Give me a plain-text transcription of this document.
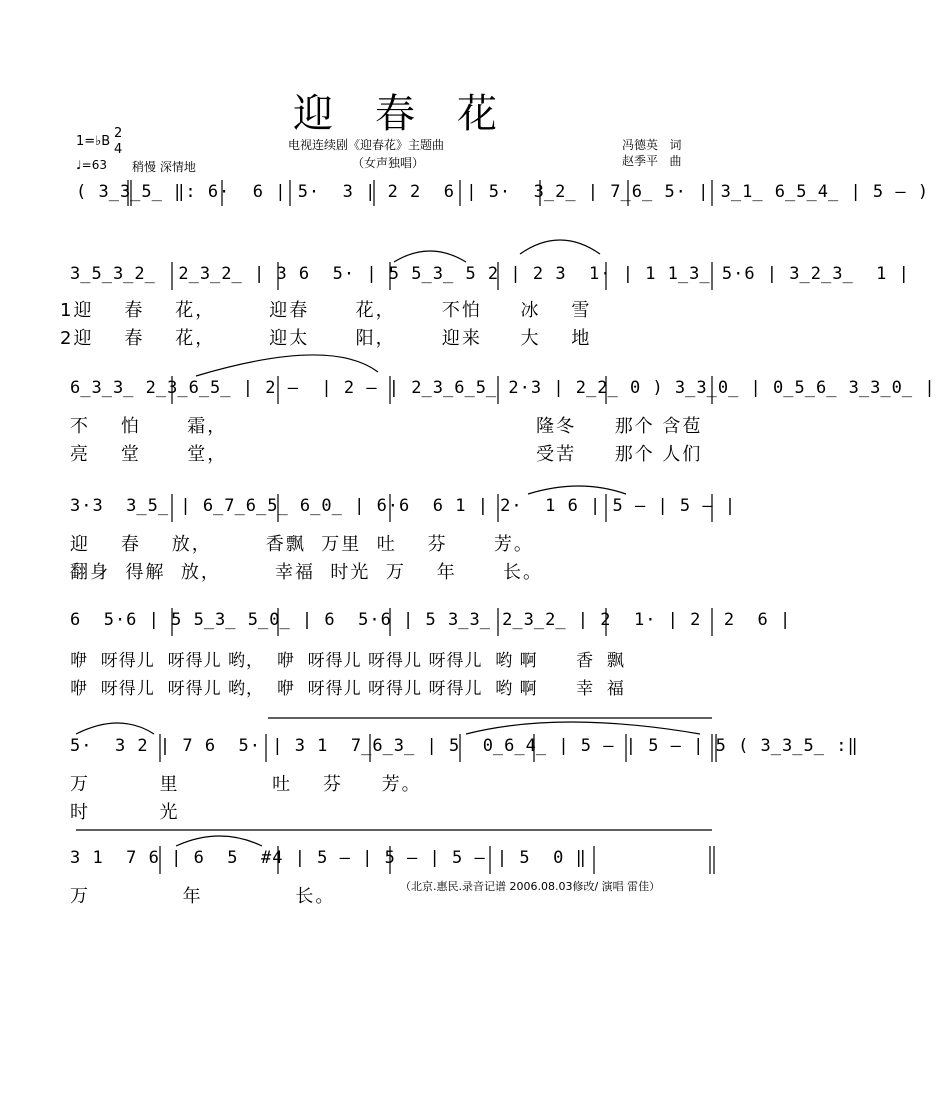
迎春花
电视连续剧《迎春花》主题曲
（女声独唱）
1=♭B
2
4
♩=63 稍慢 深情地
冯德英   词
赵季平   曲
( 3̲3̲5̲ ‖: 6·  6 | 5·  3 | 2 2  6 | 5·  3̲2̲ | 7̲6̲ 5· | 3̲1̲ 6̲5̲4̲ | 5 – )
3̲5̲3̲2̲  2̲3̲2̲ | 3 6  5· | 5 5̲3̲ 5 2 | 2 3  1· | 1 1̲3̲ 5·6 | 3̲2̲3̲  1 |
1迎    春    花，       迎春      花，      不怕     冰    雪
2迎    春    花，       迎太      阳，      迎来     大    地
6̲3̲3̲ 2̲3̲6̲5̲ | 2 –  | 2 – | 2̲3̲6̲5̲ 2·3 | 2̲2̲ 0 ) 3̲3̲0̲ | 0̲5̲6̲ 3̲3̲0̲ |
不    怕      霜，                                        隆冬     那个 含苞
亮    堂      堂，                                        受苦     那个 人们
3·3  3̲5̲ | 6̲7̲6̲5̲ 6̲0̲ | 6·6  6 1 | 2·  1 6 | 5 – | 5 – |
迎    春    放，       香飘  万里  吐    芬      芳。
翻身  得解  放，       幸福  时光  万    年      长。
6  5·6 | 5 5̲3̲ 5̲0̲ | 6  5·6 | 5 3̲3̲ 2̲3̲2̲ | 2  1· | 2  2  6 |
咿  呀得儿  呀得儿 哟，  咿  呀得儿 呀得儿 呀得儿  哟 啊      香  飘
咿  呀得儿  呀得儿 哟，  咿  呀得儿 呀得儿 呀得儿  哟 啊      幸  福
5·  3 2 | 7 6  5· | 3 1  7̲6̲3̲ | 5  0̲6̲4̲ | 5 – | 5 – | 5 ( 3̲3̲5̲ :‖
万         里            吐    芬     芳。
时         光
3 1  7 6 | 6  5  #4 | 5 – | 5 – | 5 – | 5  0 ‖
万            年            长。	（北京.惠民.录音记谱 2006.08.03修改/ 演唱 雷佳）
